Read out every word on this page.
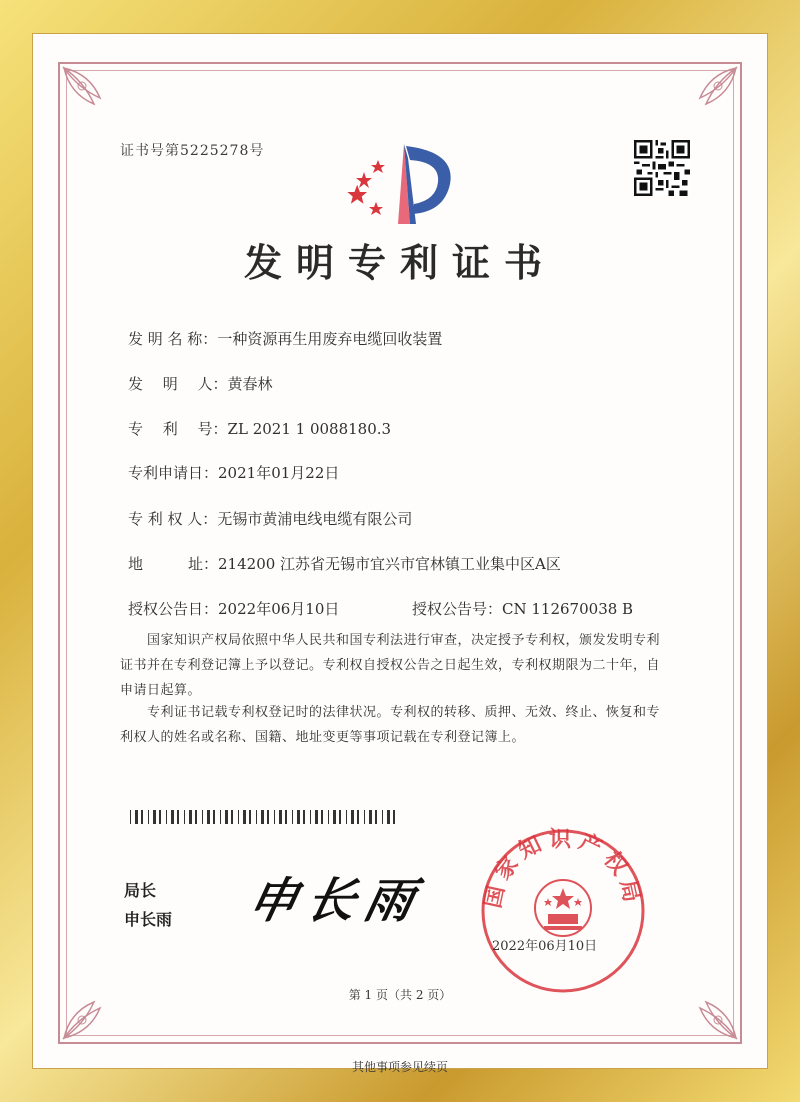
证书号第5225278号
发明专利证书
发 明 名 称：一种资源再生用废弃电缆回收装置
发　 明　 人：黄春林
专　 利　 号：ZL 2021 1 0088180.3
专利申请日：2021年01月22日
专 利 权 人：无锡市黄浦电线电缆有限公司
地　　　址：214200 江苏省无锡市宜兴市官林镇工业集中区A区
授权公告日：2022年06月10日	授权公告号：CN 112670038 B
　　国家知识产权局依照中华人民共和国专利法进行审查，决定授予专利权，颁发发明专利
证书并在专利登记簿上予以登记。专利权自授权公告之日起生效，专利权期限为二十年，自
申请日起算。
　　专利证书记载专利权登记时的法律状况。专利权的转移、质押、无效、终止、恢复和专
利权人的姓名或名称、国籍、地址变更等事项记载在专利登记簿上。
局长
申长雨 申长雨 国家知识产权局
2022年06月10日
第 1 页（共 2 页）
其他事项参见续页
